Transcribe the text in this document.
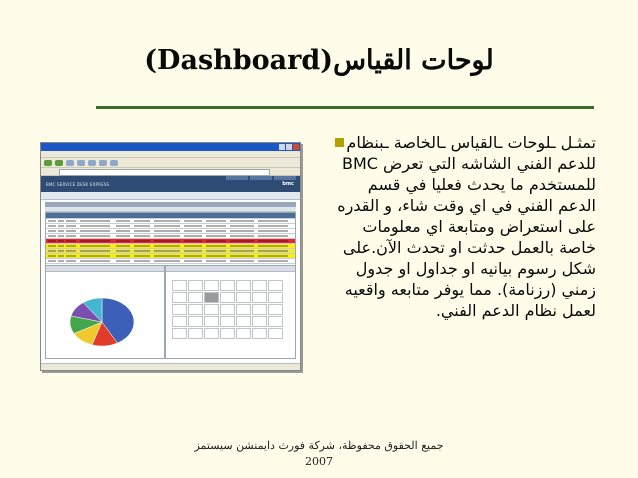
(Dashboard)لوحات القياس
تمثـل ـلوحات ـالقياس ـالخاصة ـبنظام للدعم الفني الشاشه التي تعرض BMC للمستخدم ما يحدث فعليا في قسم الدعم الفني في اي وقت شاء، و القدره على استعراض ومتابعة اي معلومات خاصة بالعمل حدثت او تحدث الآن.على شكل رسوم بيانيه او جداول او جدول زمني (رزنامة). مما يوفر متابعه واقعيه لعمل نظام الدعم الفني.
BMC SERVICE DESK EXPRESS	bmc
جميع الحقوق محفوظة، شركة فورث دايمنشن سيستمز
2007
